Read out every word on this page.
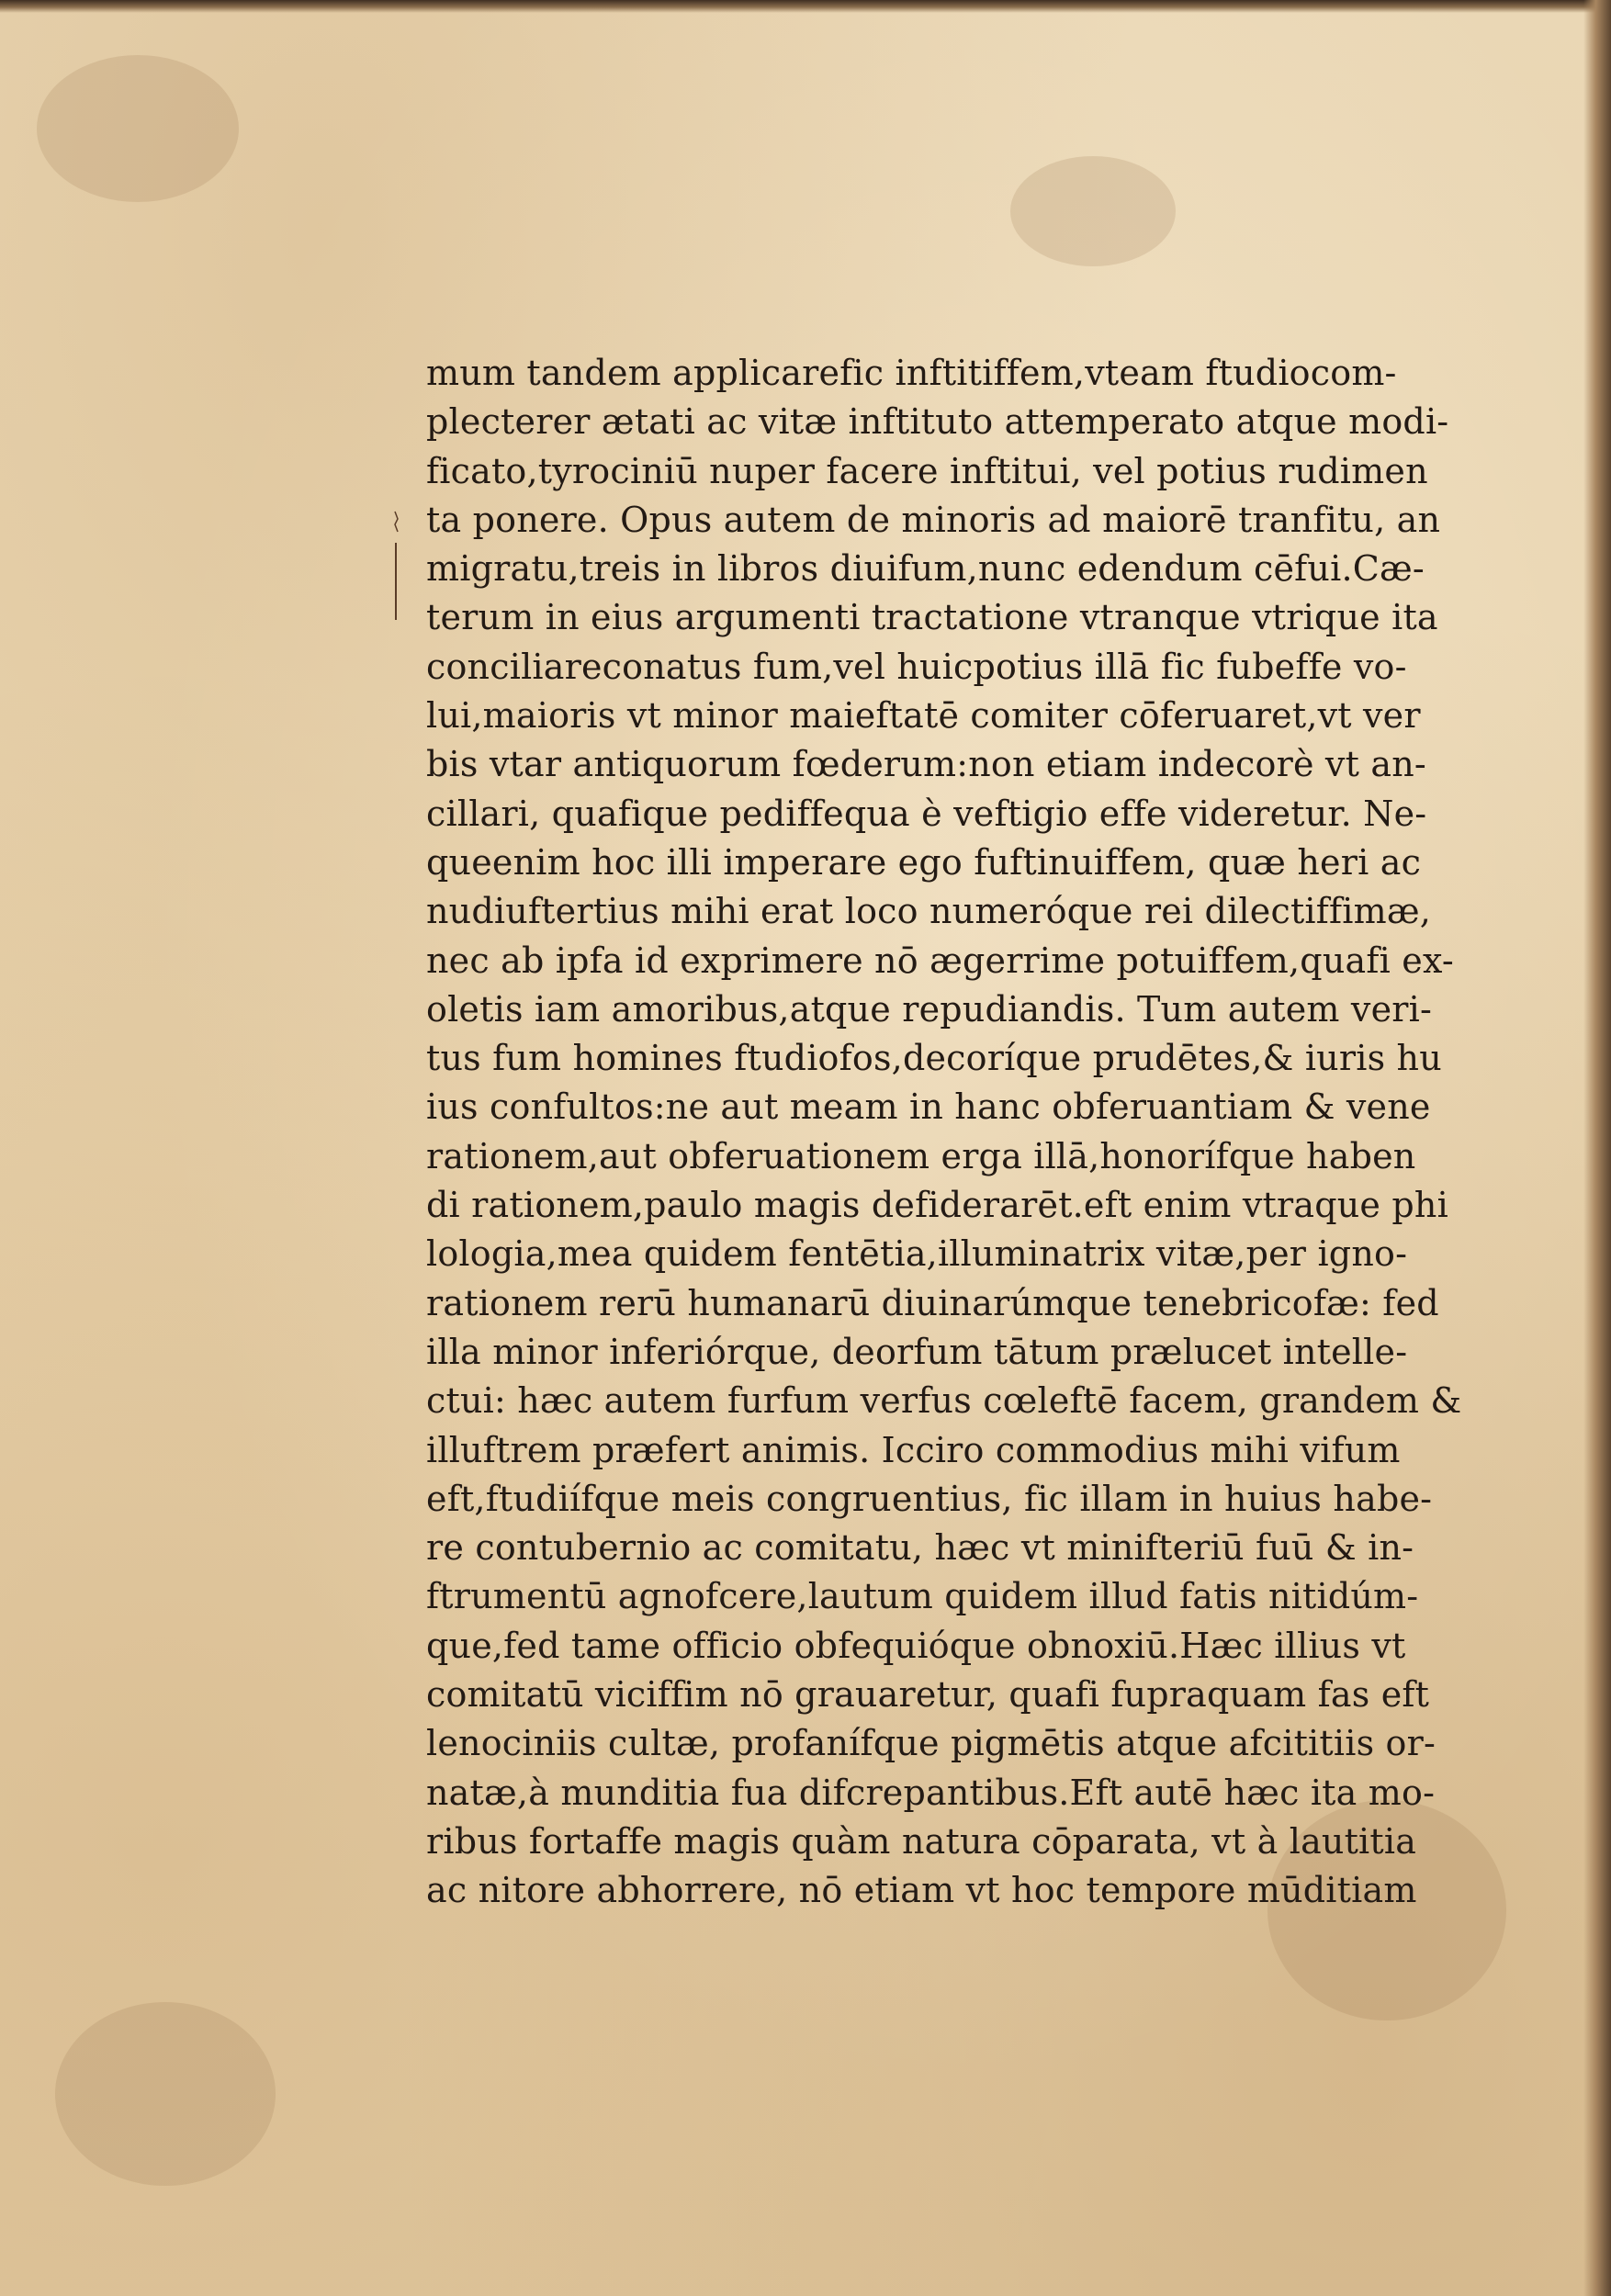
mum tandem applicarefic inftitiffem,vteam ftudiocom-
plecterer ætati ac vitæ inftituto attemperato atque modi-
ficato,tyrociniū nuper facere inftitui, vel potius rudimen
ta ponere. Opus autem de minoris ad maiorē tranfitu, an
migratu,treis in libros diuifum,nunc edendum cēfui.Cæ-
terum in eius argumenti tractatione vtranque vtrique ita
conciliareconatus fum,vel huicpotius illā fic fubeffe vo-
lui,maioris vt minor maieftatē comiter cōferuaret,vt ver
bis vtar antiquorum fœderum:non etiam indecorè vt an-
cillari, quafique pediffequa è veftigio effe videretur. Ne-
queenim hoc illi imperare ego fuftinuiffem, quæ heri ac
nudiuftertius mihi erat loco numeróque rei dilectiffimæ,
nec ab ipfa id exprimere nō ægerrime potuiffem,quafi ex-
oletis iam amoribus,atque repudiandis. Tum autem veri-
tus fum homines ftudiofos,decoríque prudētes,& iuris hu
ius confultos:ne aut meam in hanc obferuantiam & vene
rationem,aut obferuationem erga illā,honorífque haben
di rationem,paulo magis defiderarēt.eft enim vtraque phi
lologia,mea quidem fentētia,illuminatrix vitæ,per igno-
rationem rerū humanarū diuinarúmque tenebricofæ: fed
illa minor inferiórque, deorfum tātum prælucet intelle-
ctui: hæc autem furfum verfus cœleftē facem, grandem &
illuftrem præfert animis. Icciro commodius mihi vifum
eft,ftudiífque meis congruentius, fic illam in huius habe-
re contubernio ac comitatu, hæc vt minifteriū fuū & in-
ftrumentū agnofcere,lautum quidem illud fatis nitidúm-
que,fed tame officio obfequióque obnoxiū.Hæc illius vt
comitatū viciffim nō grauaretur, quafi fupraquam fas eft
lenociniis cultæ, profanífque pigmētis atque afcititiis or-
natæ,à munditia fua difcrepantibus.Eft autē hæc ita mo-
ribus fortaffe magis quàm natura cōparata, vt à lautitia
ac nitore abhorrere, nō etiam vt hoc tempore mūditiam
